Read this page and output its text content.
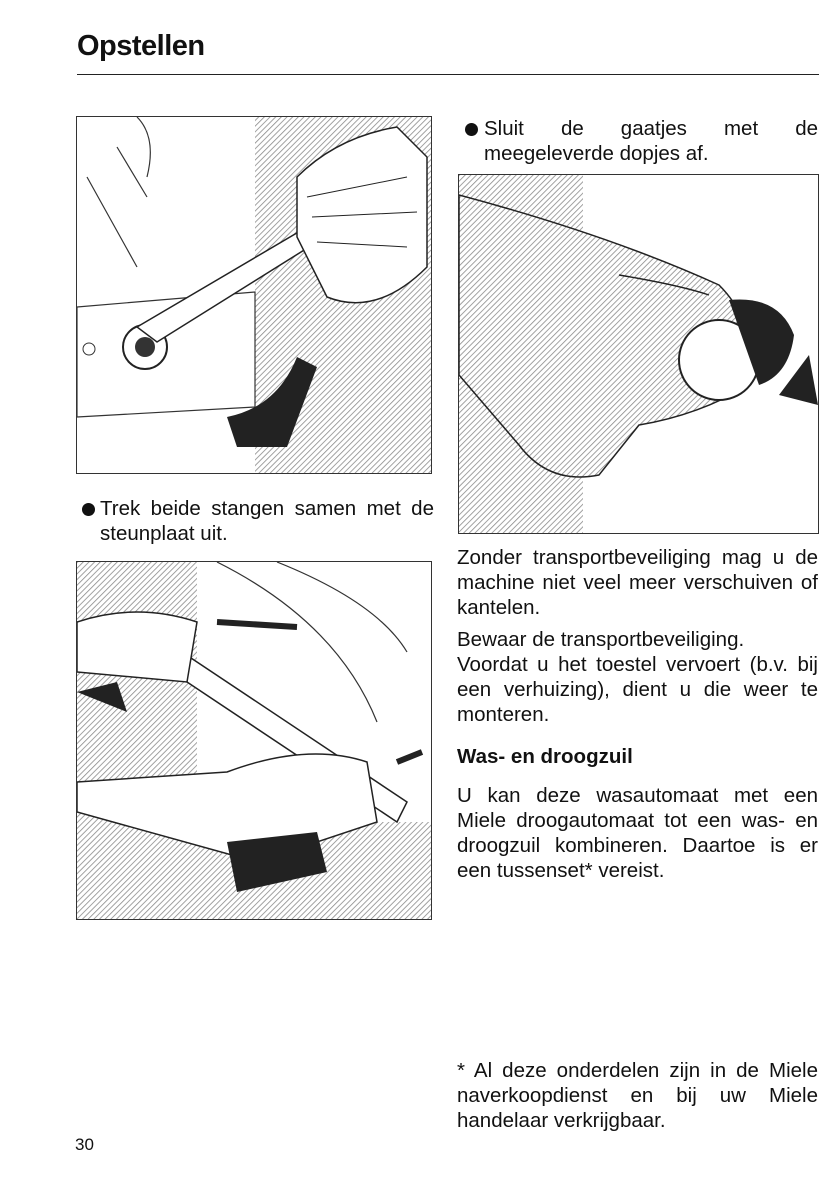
Opstellen
Trek beide stangen samen met de steunplaat uit.
Sluit de gaatjes met de meegeleverde dopjes af.
Zonder transportbeveiliging mag u de machine niet veel meer verschuiven of kantelen.
Bewaar de transportbeveiliging.
Voordat u het toestel vervoert (b.v. bij een verhuizing), dient u die weer te monteren.
Was- en droogzuil
U kan deze wasautomaat met een Miele droogautomaat tot een was- en droogzuil kombineren. Daartoe is er een tussenset* vereist.
* Al deze onderdelen zijn in de Miele naverkoopdienst en bij uw Miele handelaar verkrijgbaar.
30
